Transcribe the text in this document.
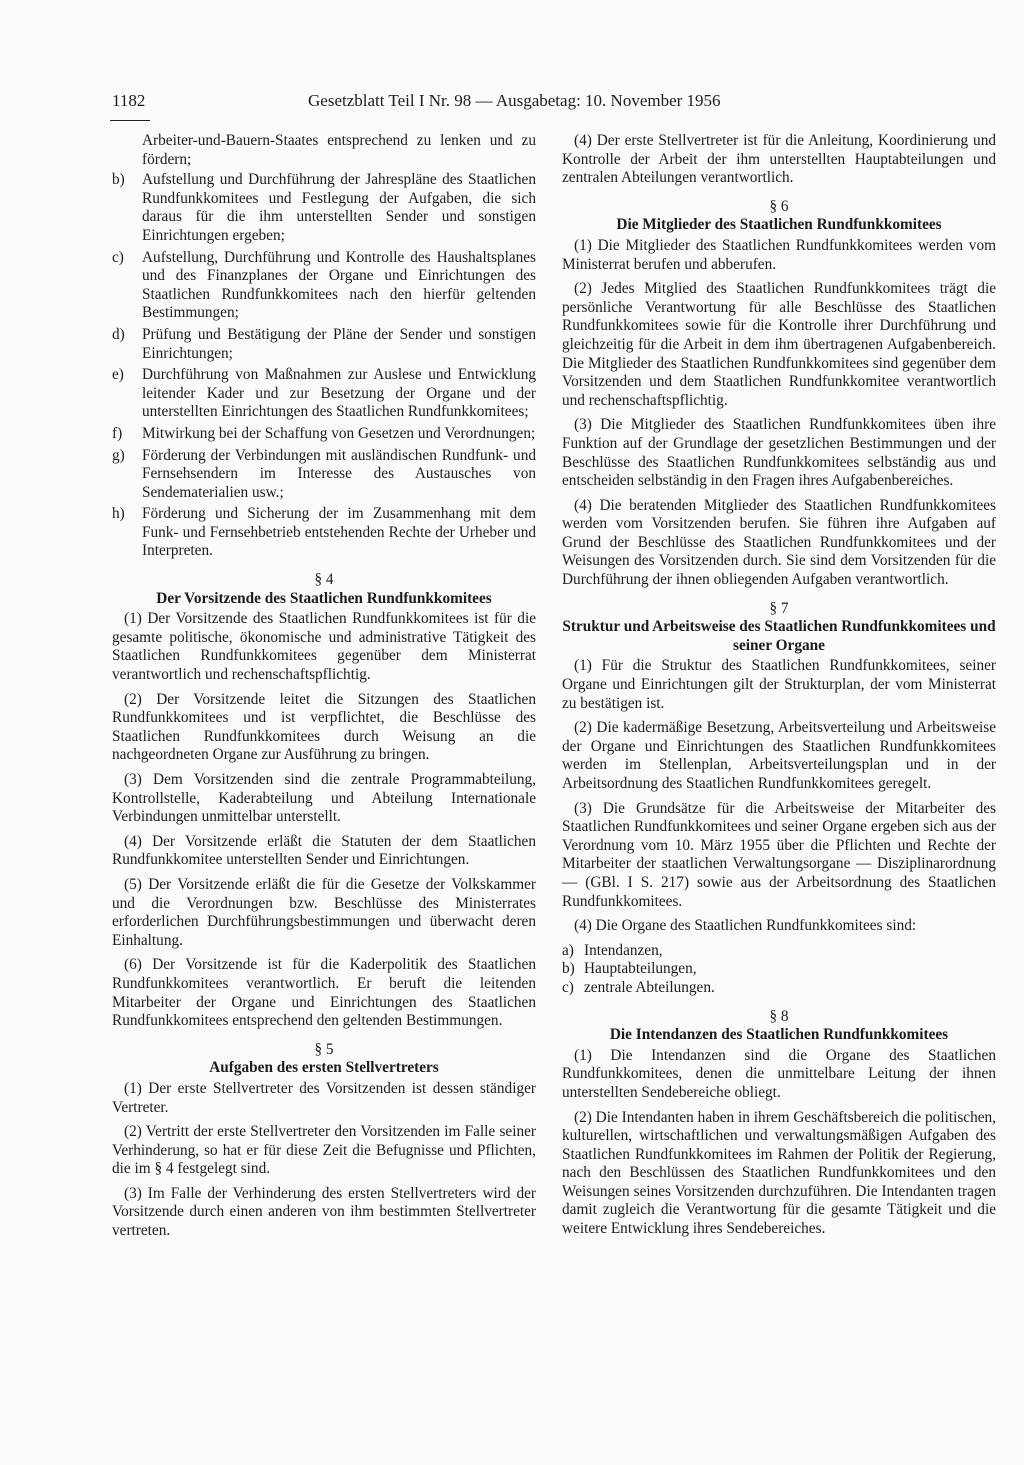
1182	Gesetzblatt Teil I Nr. 98 — Ausgabetag: 10. November 1956

Arbeiter-und-Bauern-Staates entsprechend zu lenken und zu fördern;

b)	Aufstellung und Durchführung der Jahrespläne des Staatlichen Rundfunkkomitees und Festlegung der Aufgaben, die sich daraus für die ihm unterstellten Sender und sonstigen Einrichtungen ergeben;
c)	Aufstellung, Durchführung und Kontrolle des Haushaltsplanes und des Finanzplanes der Organe und Einrichtungen des Staatlichen Rundfunkkomitees nach den hierfür geltenden Bestimmungen;
d)	Prüfung und Bestätigung der Pläne der Sender und sonstigen Einrichtungen;
e)	Durchführung von Maßnahmen zur Auslese und Entwicklung leitender Kader und zur Besetzung der Organe und der unterstellten Einrichtungen des Staatlichen Rundfunkkomitees;
f)	Mitwirkung bei der Schaffung von Gesetzen und Verordnungen;
g)	Förderung der Verbindungen mit ausländischen Rundfunk- und Fernsehsendern im Interesse des Austausches von Sendematerialien usw.;
h)	Förderung und Sicherung der im Zusammenhang mit dem Funk- und Fernsehbetrieb entstehenden Rechte der Urheber und Interpreten.
§ 4
Der Vorsitzende des Staatlichen Rundfunkkomitees

(1) Der Vorsitzende des Staatlichen Rundfunkkomitees ist für die gesamte politische, ökonomische und administrative Tätigkeit des Staatlichen Rundfunkkomitees gegenüber dem Ministerrat verantwortlich und rechenschaftspflichtig.

(2) Der Vorsitzende leitet die Sitzungen des Staatlichen Rundfunkkomitees und ist verpflichtet, die Beschlüsse des Staatlichen Rundfunkkomitees durch Weisung an die nachgeordneten Organe zur Ausführung zu bringen.

(3) Dem Vorsitzenden sind die zentrale Programmabteilung, Kontrollstelle, Kaderabteilung und Abteilung Internationale Verbindungen unmittelbar unterstellt.

(4) Der Vorsitzende erläßt die Statuten der dem Staatlichen Rundfunkkomitee unterstellten Sender und Einrichtungen.

(5) Der Vorsitzende erläßt die für die Gesetze der Volkskammer und die Verordnungen bzw. Beschlüsse des Ministerrates erforderlichen Durchführungsbestimmungen und überwacht deren Einhaltung.

(6) Der Vorsitzende ist für die Kaderpolitik des Staatlichen Rundfunkkomitees verantwortlich. Er beruft die leitenden Mitarbeiter der Organe und Einrichtungen des Staatlichen Rundfunkkomitees entsprechend den geltenden Bestimmungen.

§ 5
Aufgaben des ersten Stellvertreters

(1) Der erste Stellvertreter des Vorsitzenden ist dessen ständiger Vertreter.

(2) Vertritt der erste Stellvertreter den Vorsitzenden im Falle seiner Verhinderung, so hat er für diese Zeit die Befugnisse und Pflichten, die im § 4 festgelegt sind.

(3) Im Falle der Verhinderung des ersten Stellvertreters wird der Vorsitzende durch einen anderen von ihm bestimmten Stellvertreter vertreten.

(4) Der erste Stellvertreter ist für die Anleitung, Koordinierung und Kontrolle der Arbeit der ihm unterstellten Hauptabteilungen und zentralen Abteilungen verantwortlich.

§ 6
Die Mitglieder des Staatlichen Rundfunkkomitees

(1) Die Mitglieder des Staatlichen Rundfunkkomitees werden vom Ministerrat berufen und abberufen.

(2) Jedes Mitglied des Staatlichen Rundfunkkomitees trägt die persönliche Verantwortung für alle Beschlüsse des Staatlichen Rundfunkkomitees sowie für die Kontrolle ihrer Durchführung und gleichzeitig für die Arbeit in dem ihm übertragenen Aufgabenbereich. Die Mitglieder des Staatlichen Rundfunkkomitees sind gegenüber dem Vorsitzenden und dem Staatlichen Rundfunkkomitee verantwortlich und rechenschaftspflichtig.

(3) Die Mitglieder des Staatlichen Rundfunkkomitees üben ihre Funktion auf der Grundlage der gesetzlichen Bestimmungen und der Beschlüsse des Staatlichen Rundfunkkomitees selbständig aus und entscheiden selbständig in den Fragen ihres Aufgabenbereiches.

(4) Die beratenden Mitglieder des Staatlichen Rundfunkkomitees werden vom Vorsitzenden berufen. Sie führen ihre Aufgaben auf Grund der Beschlüsse des Staatlichen Rundfunkkomitees und der Weisungen des Vorsitzenden durch. Sie sind dem Vorsitzenden für die Durchführung der ihnen obliegenden Aufgaben verantwortlich.

§ 7
Struktur und Arbeitsweise des Staatlichen Rundfunkkomitees und seiner Organe

(1) Für die Struktur des Staatlichen Rundfunkkomitees, seiner Organe und Einrichtungen gilt der Strukturplan, der vom Ministerrat zu bestätigen ist.

(2) Die kadermäßige Besetzung, Arbeitsverteilung und Arbeitsweise der Organe und Einrichtungen des Staatlichen Rundfunkkomitees werden im Stellenplan, Arbeitsverteilungsplan und in der Arbeitsordnung des Staatlichen Rundfunkkomitees geregelt.

(3) Die Grundsätze für die Arbeitsweise der Mitarbeiter des Staatlichen Rundfunkkomitees und seiner Organe ergeben sich aus der Verordnung vom 10. März 1955 über die Pflichten und Rechte der Mitarbeiter der staatlichen Verwaltungsorgane — Disziplinarordnung — (GBl. I S. 217) sowie aus der Arbeitsordnung des Staatlichen Rundfunkkomitees.

(4) Die Organe des Staatlichen Rundfunkkomitees sind:

a) Intendanzen,
b) Hauptabteilungen,
c) zentrale Abteilungen.
§ 8
Die Intendanzen des Staatlichen Rundfunkkomitees

(1) Die Intendanzen sind die Organe des Staatlichen Rundfunkkomitees, denen die unmittelbare Leitung der ihnen unterstellten Sendebereiche obliegt.

(2) Die Intendanten haben in ihrem Geschäftsbereich die politischen, kulturellen, wirtschaftlichen und verwaltungsmäßigen Aufgaben des Staatlichen Rundfunkkomitees im Rahmen der Politik der Regierung, nach den Beschlüssen des Staatlichen Rundfunkkomitees und den Weisungen seines Vorsitzenden durchzuführen. Die Intendanten tragen damit zugleich die Verantwortung für die gesamte Tätigkeit und die weitere Entwicklung ihres Sendebereiches.
